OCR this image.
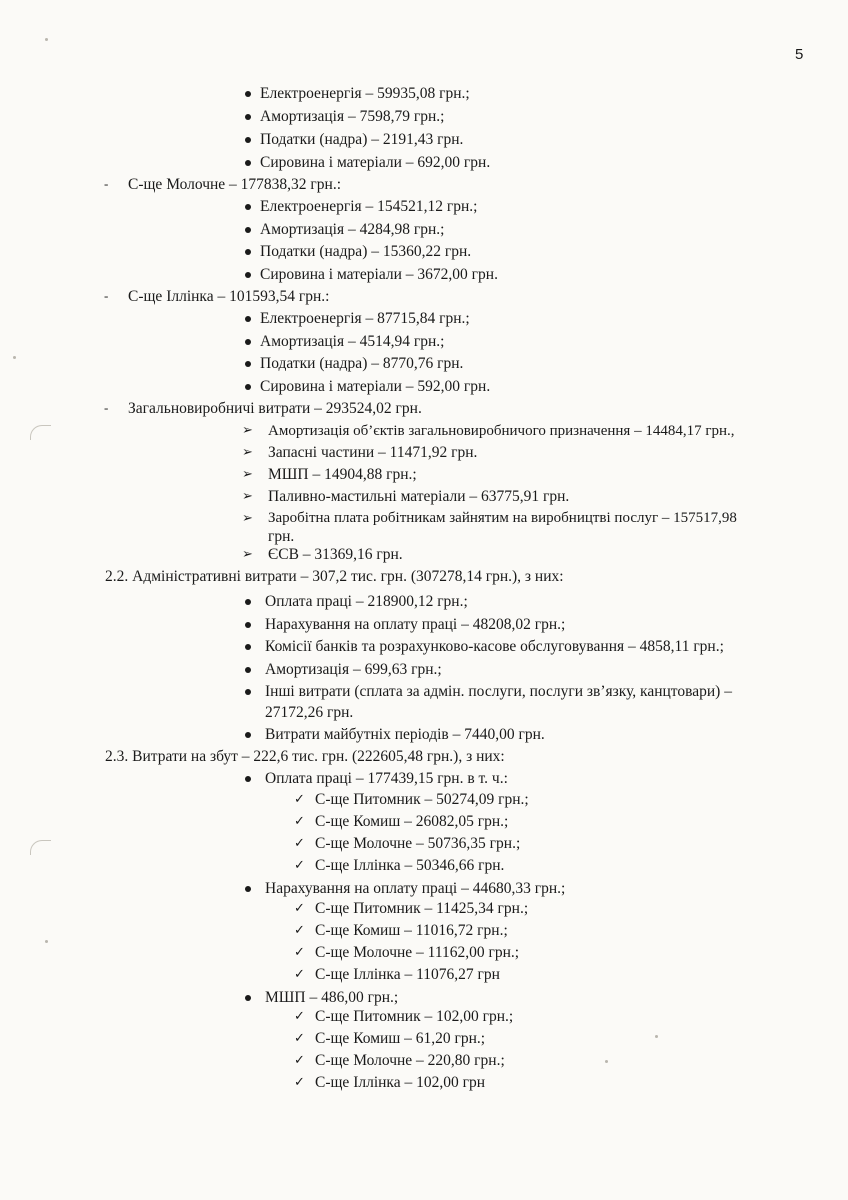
5
-
-
-
➢
➢
➢
➢
➢
➢
✓
✓
✓
✓
✓
✓
✓
✓
✓
✓
✓
✓
Електроенергія – 59935,08 грн.;
Амортизація – 7598,79 грн.;
Податки (надра) – 2191,43 грн.
Сировина і матеріали – 692,00 грн.
С-ще Молочне – 177838,32 грн.:
Електроенергія – 154521,12 грн.;
Амортизація – 4284,98 грн.;
Податки (надра) – 15360,22 грн.
Сировина і матеріали – 3672,00 грн.
С-ще Іллінка – 101593,54 грн.:
Електроенергія – 87715,84 грн.;
Амортизація – 4514,94 грн.;
Податки (надра) – 8770,76 грн.
Сировина і матеріали – 592,00 грн.
Загальновиробничі витрати – 293524,02 грн.
Амортизація об’єктів загальновиробничого призначення – 14484,17 грн.,
Запасні частини – 11471,92 грн.
МШП – 14904,88 грн.;
Паливно-мастильні матеріали – 63775,91 грн.
Заробітна плата робітникам зайнятим на виробництві послуг – 157517,98
грн.
ЄСВ – 31369,16 грн.
2.2. Адміністративні витрати – 307,2 тис. грн. (307278,14 грн.), з них:
Оплата праці – 218900,12 грн.;
Нарахування на оплату праці – 48208,02 грн.;
Комісії банків та розрахунково-касове обслуговування – 4858,11 грн.;
Амортизація – 699,63 грн.;
Інші витрати (сплата за адмін. послуги, послуги зв’язку, канцтовари) –
27172,26 грн.
Витрати майбутніх періодів – 7440,00 грн.
2.3. Витрати на збут – 222,6 тис. грн. (222605,48 грн.), з них:
Оплата праці – 177439,15 грн. в т. ч.:
С-ще Питомник – 50274,09 грн.;
С-ще Комиш – 26082,05 грн.;
С-ще Молочне – 50736,35 грн.;
С-ще Іллінка – 50346,66 грн.
Нарахування на оплату праці – 44680,33 грн.;
С-ще Питомник – 11425,34 грн.;
С-ще Комиш – 11016,72 грн.;
С-ще Молочне – 11162,00 грн.;
С-ще Іллінка – 11076,27 грн
МШП – 486,00 грн.;
С-ще Питомник – 102,00 грн.;
С-ще Комиш – 61,20 грн.;
С-ще Молочне – 220,80 грн.;
С-ще Іллінка – 102,00 грн
